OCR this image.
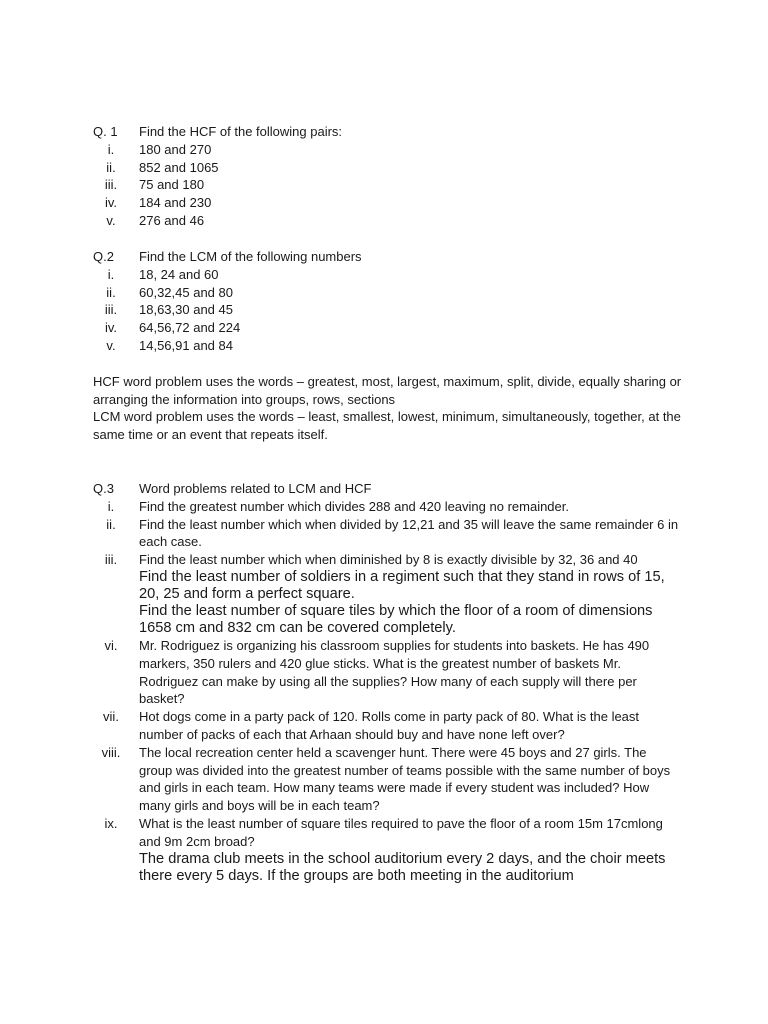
Q. 1	Find the HCF of the following pairs:
i.	180 and 270
ii.	852 and 1065
iii.	75 and 180
iv.	184 and 230
v.	276 and 46
Q.2	Find the LCM of the following numbers
i.	18, 24 and 60
ii.	60,32,45 and 80
iii.	18,63,30 and 45
iv.	64,56,72 and 224
v.	14,56,91 and 84
HCF word problem uses the words – greatest, most, largest, maximum, split, divide, equally sharing or arranging the information into groups, rows, sections
LCM word problem uses the words – least, smallest, lowest, minimum, simultaneously, together, at the same time or an event that repeats itself.
Q.3	Word problems related to LCM and HCF
i.	Find the greatest number which divides 288 and 420 leaving no remainder.
ii.	Find the least number which when divided by 12,21 and 35 will leave the same remainder 6 in each case.
iii.	Find the least number which when diminished by 8 is exactly divisible by 32, 36 and 40
Find the least number of soldiers in a regiment such that they stand in rows of 15, 20, 25 and form a perfect square.
Find the least number of square tiles by which the floor of a room of dimensions 1658 cm and 832 cm can be covered completely.
vi.	Mr. Rodriguez is organizing his classroom supplies for students into baskets. He has 490 markers, 350 rulers and 420 glue sticks. What is the greatest number of baskets Mr. Rodriguez can make by using all the supplies? How many of each supply will there per basket?
vii.	Hot dogs come in a party pack of 120. Rolls come in party pack of 80. What is the least number of packs of each that Arhaan should buy and have none left over?
viii.	The local recreation center held a scavenger hunt. There were 45 boys and 27 girls. The group was divided into the greatest number of teams possible with the same number of boys and girls in each team. How many teams were made if every student was included? How many girls and boys will be in each team?
ix.	What is the least number of square tiles required to pave the floor of a room 15m 17cmlong and 9m 2cm broad?
The drama club meets in the school auditorium every 2 days, and the choir meets there every 5 days. If the groups are both meeting in the auditorium
